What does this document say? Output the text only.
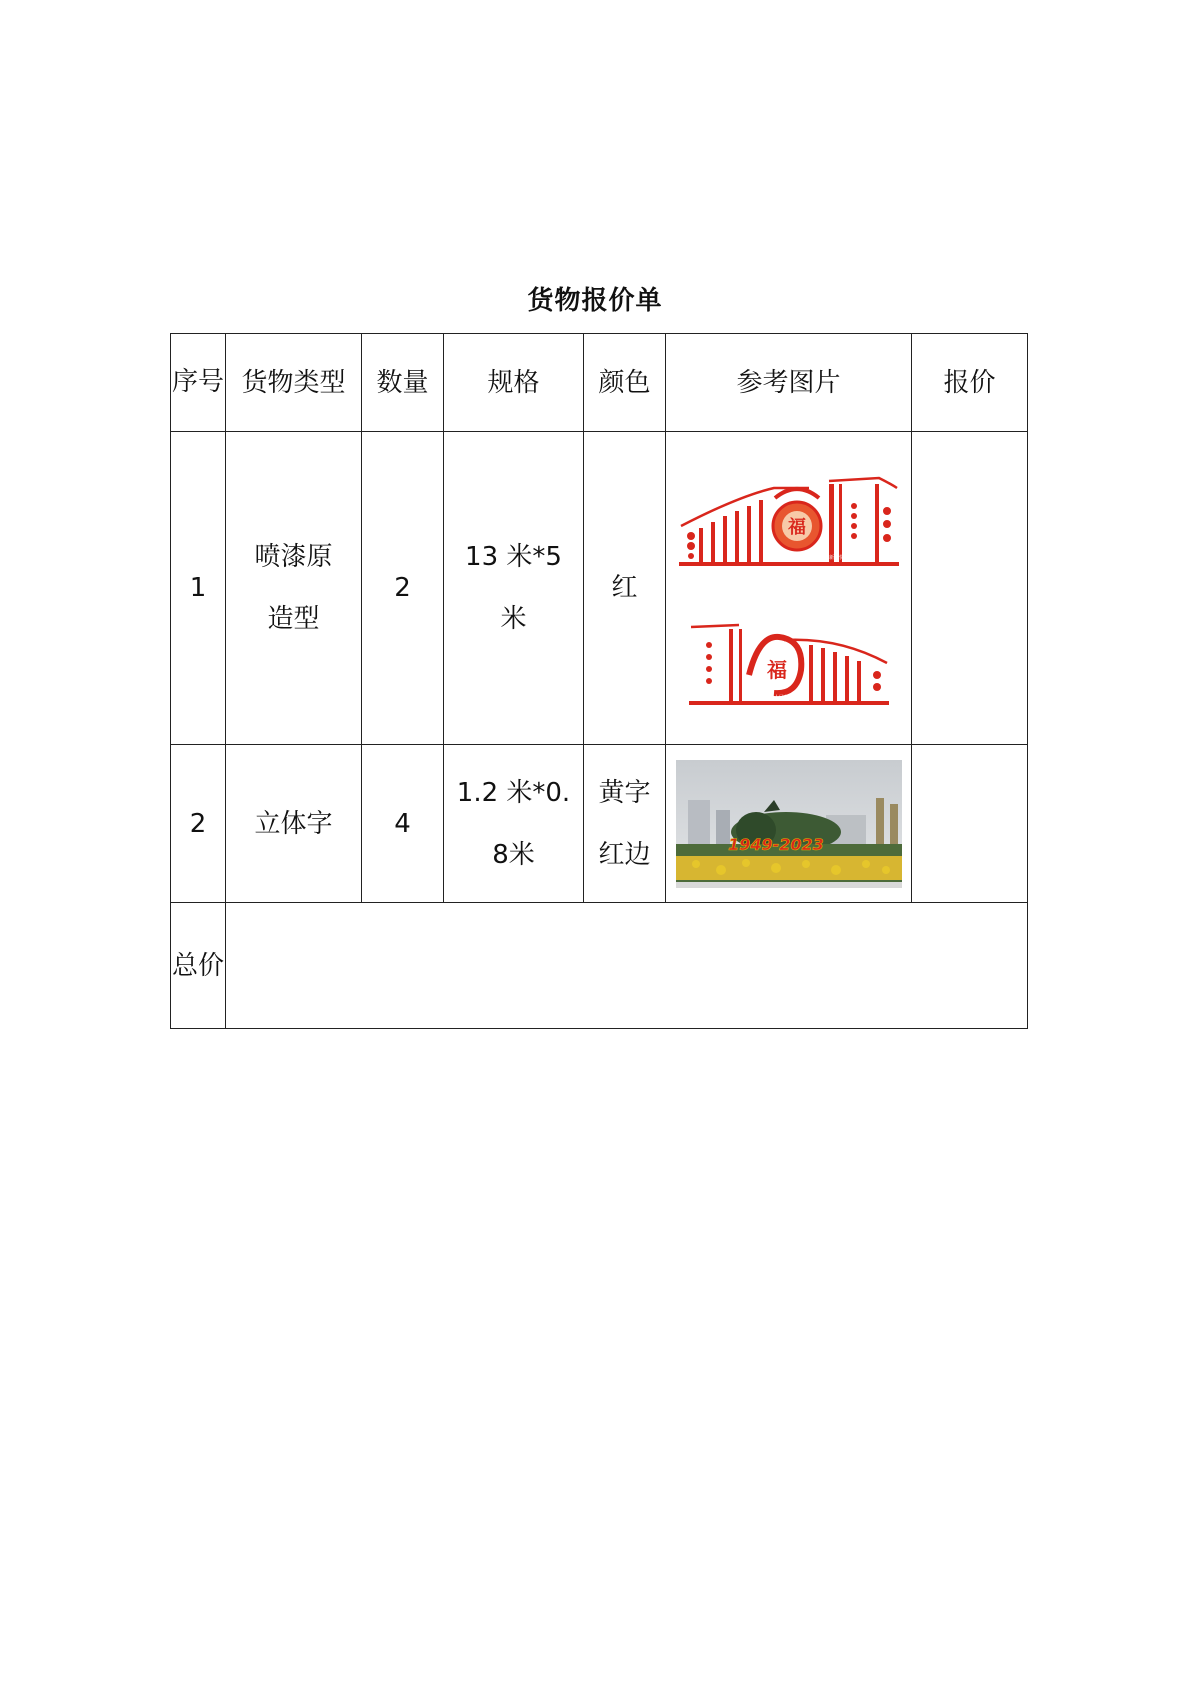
货物报价单
序号	货物类型	数量	规格	颜色	参考图片	报价
1	喷漆原造型	2	13 米*5米	红	福
祝你全市人民新春快乐
福
祝你全市人民新春快乐	

2	立体字	4	1.2 米*0.8米	黄字红边	1949-2023	

总价						
